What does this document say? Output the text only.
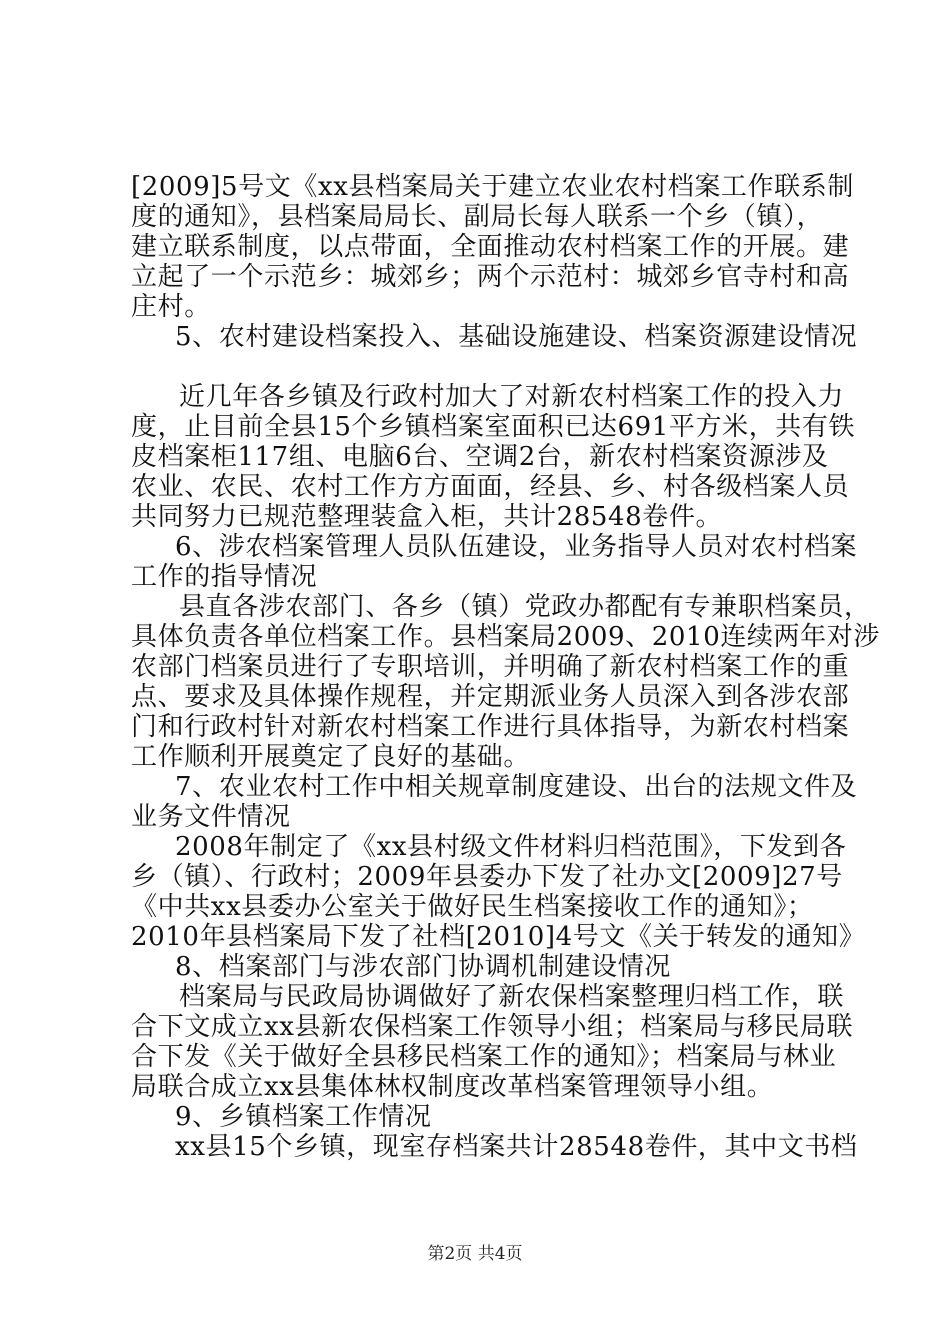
[2009]5号文《xx县档案局关于建立农业农村档案工作联系制
度的通知》，县档案局局长、副局长每人联系一个乡（镇），
建立联系制度，以点带面，全面推动农村档案工作的开展。建
立起了一个示范乡：城郊乡；两个示范村：城郊乡官寺村和高
庄村。
5、农村建设档案投入、基础设施建设、档案资源建设情况
近几年各乡镇及行政村加大了对新农村档案工作的投入力
度，止目前全县15个乡镇档案室面积已达691平方米，共有铁
皮档案柜117组、电脑6台、空调2台，新农村档案资源涉及
农业、农民、农村工作方方面面，经县、乡、村各级档案人员
共同努力已规范整理装盒入柜，共计28548卷件。
6、涉农档案管理人员队伍建设，业务指导人员对农村档案
工作的指导情况
县直各涉农部门、各乡（镇）党政办都配有专兼职档案员，
具体负责各单位档案工作。县档案局2009、2010连续两年对涉
农部门档案员进行了专职培训，并明确了新农村档案工作的重
点、要求及具体操作规程，并定期派业务人员深入到各涉农部
门和行政村针对新农村档案工作进行具体指导，为新农村档案
工作顺利开展奠定了良好的基础。
7、农业农村工作中相关规章制度建设、出台的法规文件及
业务文件情况
2008年制定了《xx县村级文件材料归档范围》，下发到各
乡（镇）、行政村；2009年县委办下发了社办文[2009]27号
《中共xx县委办公室关于做好民生档案接收工作的通知》；
2010年县档案局下发了社档[2010]4号文《关于转发的通知》
8、档案部门与涉农部门协调机制建设情况
档案局与民政局协调做好了新农保档案整理归档工作，联
合下文成立xx县新农保档案工作领导小组；档案局与移民局联
合下发《关于做好全县移民档案工作的通知》；档案局与林业
局联合成立xx县集体林权制度改革档案管理领导小组。
9、乡镇档案工作情况
xx县15个乡镇，现室存档案共计28548卷件，其中文书档
第2页 共4页
